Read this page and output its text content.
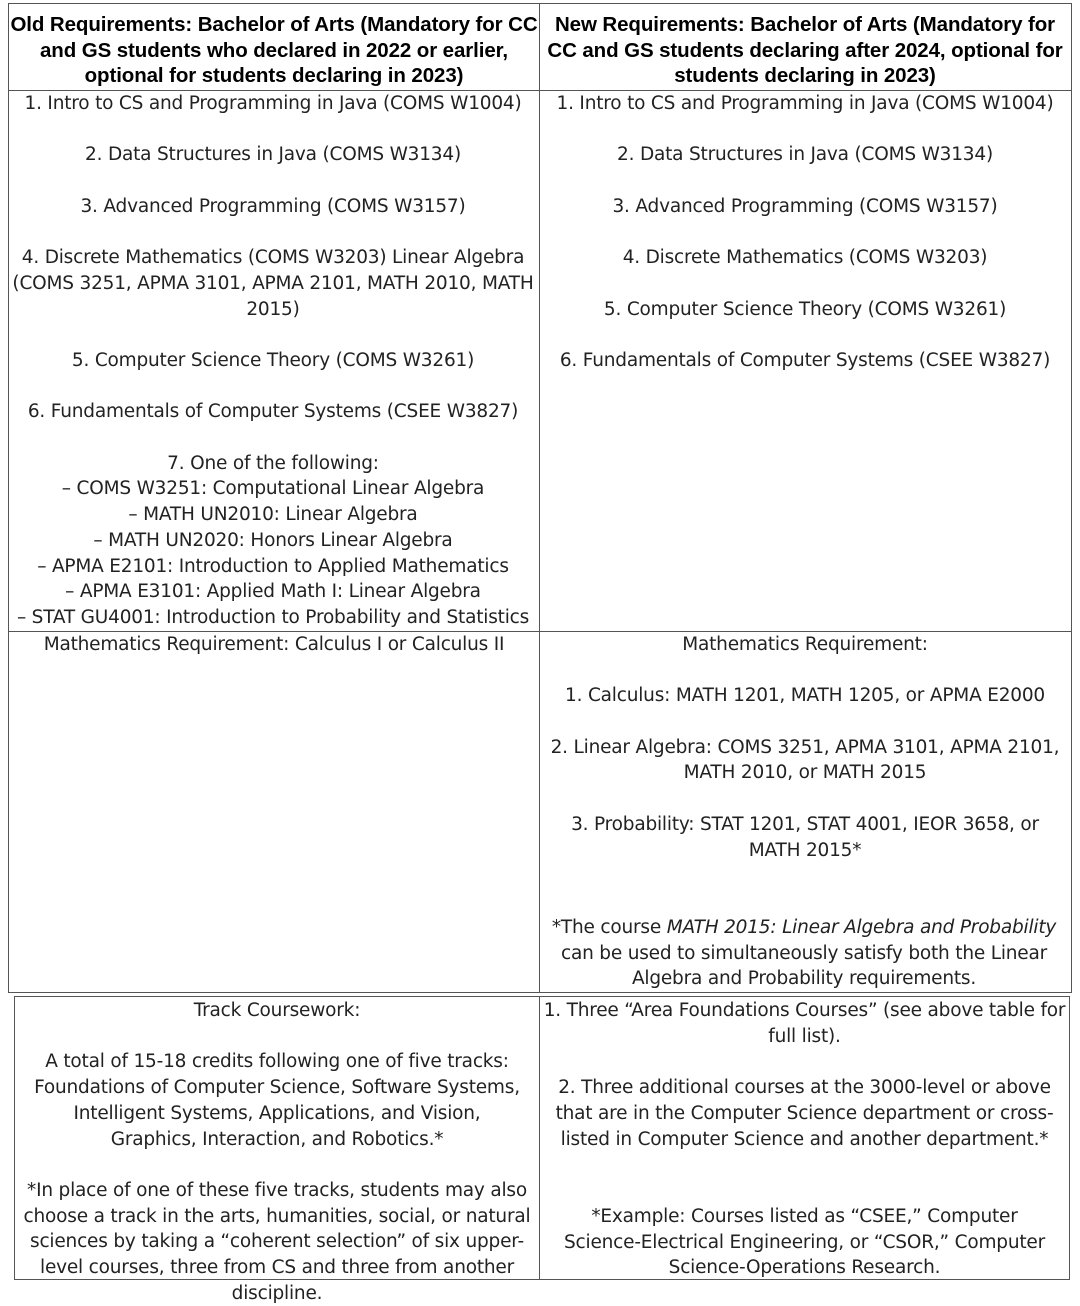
Old Requirements: Bachelor of Arts (Mandatory for CC and GS students who declared in 2022 or earlier, optional for students declaring in 2023)
New Requirements: Bachelor of Arts (Mandatory for CC and GS students declaring after 2024, optional for students declaring in 2023)
1. Intro to CS and Programming in Java (COMS W1004)
2. Data Structures in Java (COMS W3134)
3. Advanced Programming (COMS W3157)
4. Discrete Mathematics (COMS W3203) Linear Algebra (COMS 3251, APMA 3101, APMA 2101, MATH 2010, MATH 2015)
5. Computer Science Theory (COMS W3261)
6. Fundamentals of Computer Systems (CSEE W3827)
7. One of the following:
– COMS W3251: Computational Linear Algebra
– MATH UN2010: Linear Algebra
– MATH UN2020: Honors Linear Algebra
– APMA E2101: Introduction to Applied Mathematics
– APMA E3101: Applied Math I: Linear Algebra
– STAT GU4001: Introduction to Probability and Statistics
1. Intro to CS and Programming in Java (COMS W1004)
2. Data Structures in Java (COMS W3134)
3. Advanced Programming (COMS W3157)
4. Discrete Mathematics (COMS W3203)
5. Computer Science Theory (COMS W3261)
6. Fundamentals of Computer Systems (CSEE W3827)
Mathematics Requirement: Calculus I or Calculus II	Mathematics Requirement:
1. Calculus: MATH 1201, MATH 1205, or APMA E2000
2. Linear Algebra: COMS 3251, APMA 3101, APMA 2101, MATH 2010, or MATH 2015
3. Probability: STAT 1201, STAT 4001, IEOR 3658, or MATH 2015*
*The course MATH 2015: Linear Algebra and Probability can be used to simultaneously satisfy both the Linear Algebra and Probability requirements.
Track Coursework:
A total of 15-18 credits following one of five tracks: Foundations of Computer Science, Software Systems, Intelligent Systems, Applications, and Vision, Graphics, Interaction, and Robotics.*
*In place of one of these five tracks, students may also choose a track in the arts, humanities, social, or natural sciences by taking a “coherent selection” of six upper-level courses, three from CS and three from another discipline.
1. Three “Area Foundations Courses” (see above table for full list).
2. Three additional courses at the 3000-level or above that are in the Computer Science department or cross-listed in Computer Science and another department.*
*Example: Courses listed as “CSEE,” Computer Science-Electrical Engineering, or “CSOR,” Computer Science-Operations Research.
